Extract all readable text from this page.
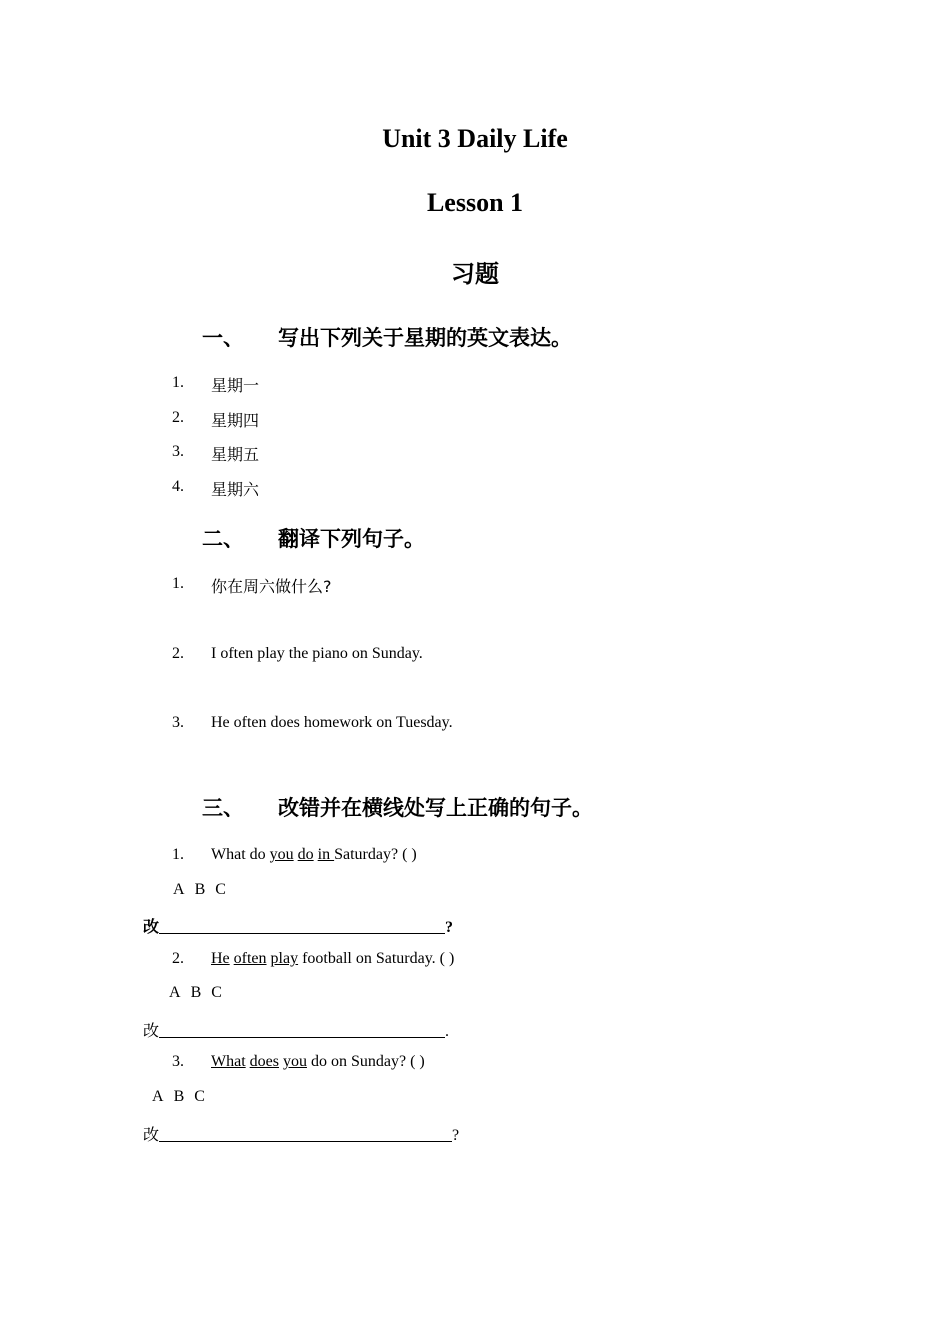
Unit 3 Daily Life
Lesson 1
习题
一、 写出下列关于星期的英文表达。
1. 星期一
2. 星期四
3. 星期五
4. 星期六
二、 翻译下列句子。
1. 你在周六做什么?
2. I often play the piano on Sunday.
3. He often does homework on Tuesday.
三、 改错并在横线处写上正确的句子。
1. What do you do in Saturday? ( )
A B C
改	?
2. He often play football on Saturday. ( )
A B C
改	.
3. What does you do on Sunday? ( )
A B C
改	?
